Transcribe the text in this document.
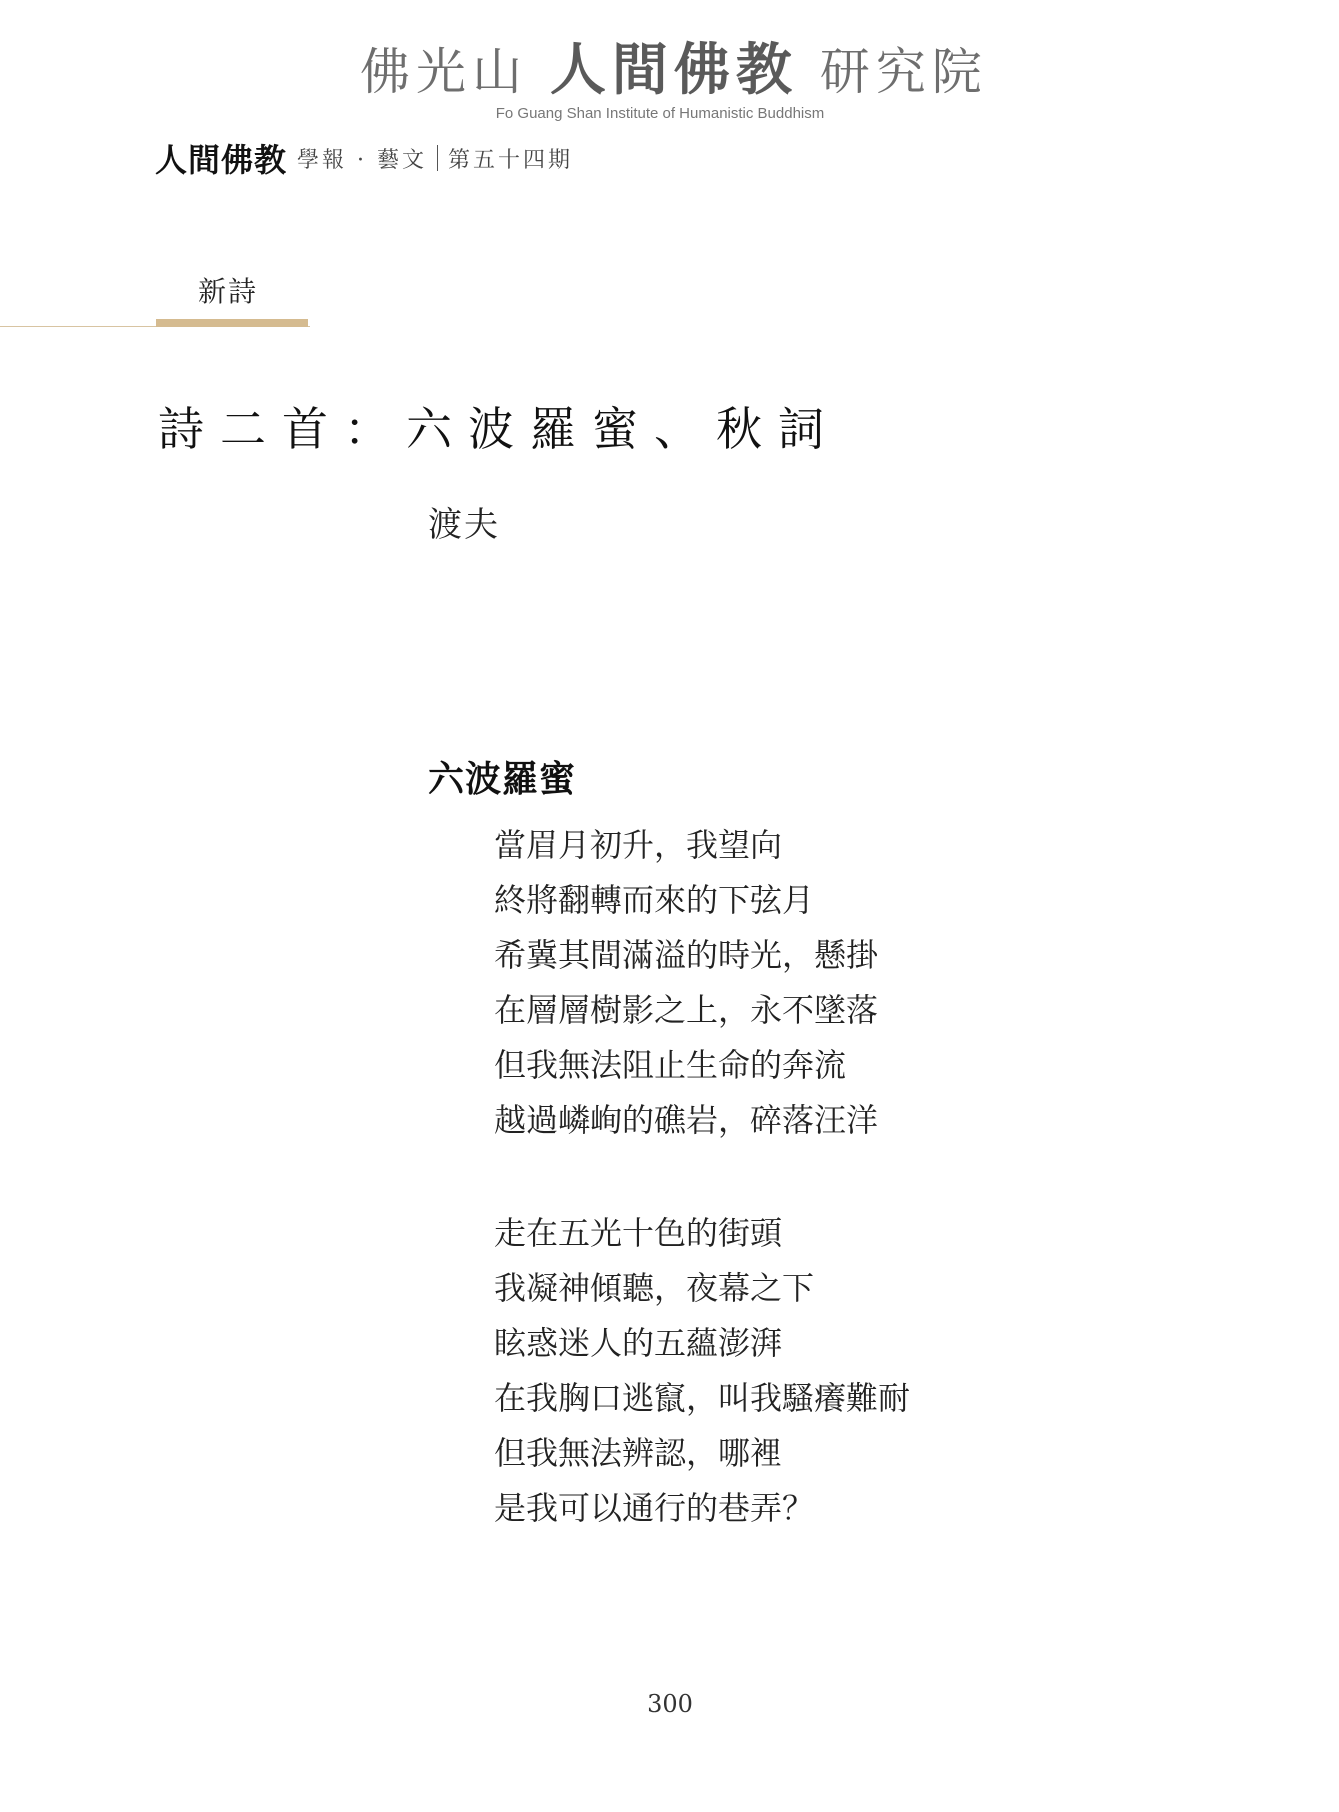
佛光山 人間佛教 研究院
Fo Guang Shan Institute of Humanistic Buddhism
人間佛教 學報 · 藝文 第五十四期
新詩
詩二首：六波羅蜜、秋詞
渡夫
六波羅蜜
當眉月初升，我望向
終將翻轉而來的下弦月
希冀其間滿溢的時光，懸掛
在層層樹影之上，永不墜落
但我無法阻止生命的奔流
越過嶙峋的礁岩，碎落汪洋
走在五光十色的街頭
我凝神傾聽，夜幕之下
眩惑迷人的五蘊澎湃
在我胸口逃竄，叫我騷癢難耐
但我無法辨認，哪裡
是我可以通行的巷弄？
300
